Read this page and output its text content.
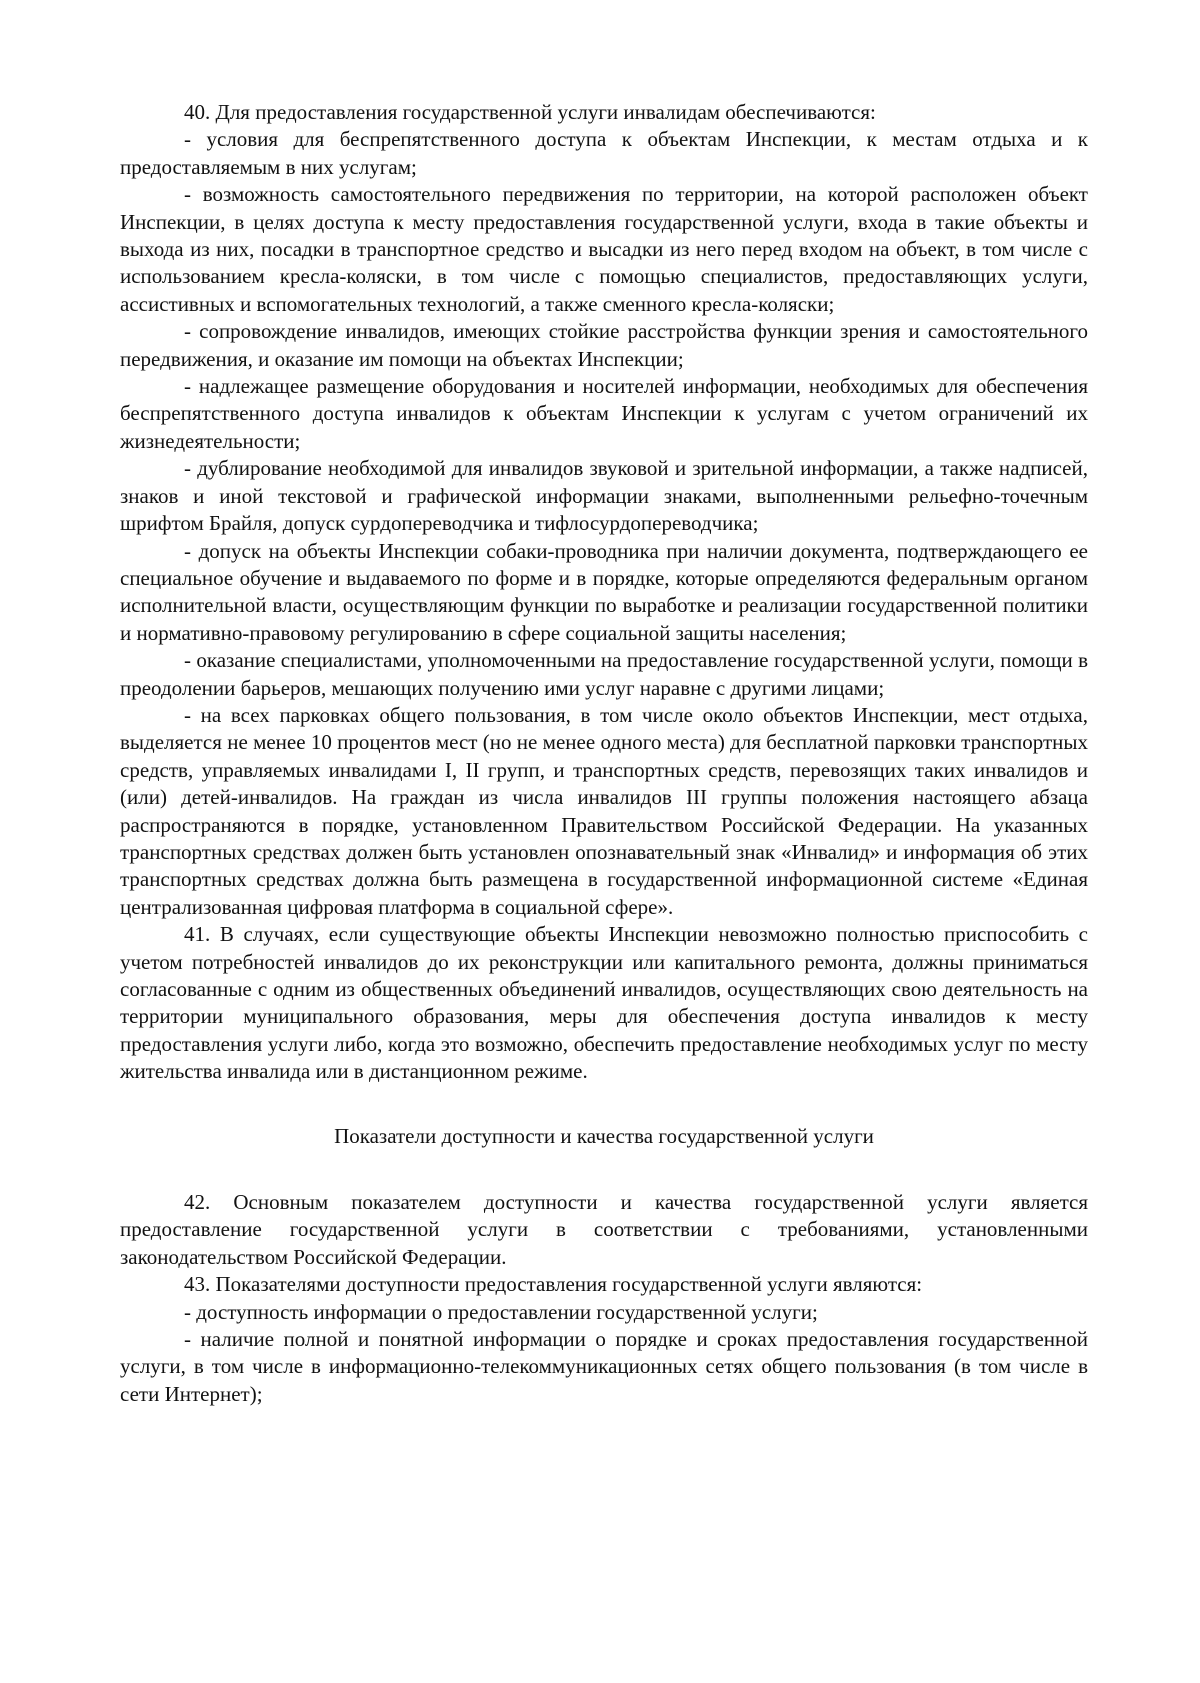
40. Для предоставления государственной услуги инвалидам обеспечиваются:

- условия для беспрепятственного доступа к объектам Инспекции, к местам отдыха и к предоставляемым в них услугам;

- возможность самостоятельного передвижения по территории, на которой расположен объект Инспекции, в целях доступа к месту предоставления государственной услуги, входа в такие объекты и выхода из них, посадки в транспортное средство и высадки из него перед входом на объект, в том числе с использованием кресла-коляски, в том числе с помощью специалистов, предоставляющих услуги, ассистивных и вспомогательных технологий, а также сменного кресла-коляски;

- сопровождение инвалидов, имеющих стойкие расстройства функции зрения и самостоятельного передвижения, и оказание им помощи на объектах Инспекции;

- надлежащее размещение оборудования и носителей информации, необходимых для обеспечения беспрепятственного доступа инвалидов к объектам Инспекции к услугам с учетом ограничений их жизнедеятельности;

- дублирование необходимой для инвалидов звуковой и зрительной информации, а также надписей, знаков и иной текстовой и графической информации знаками, выполненными рельефно-точечным шрифтом Брайля, допуск сурдопереводчика и тифлосурдопереводчика;

- допуск на объекты Инспекции собаки-проводника при наличии документа, подтверждающего ее специальное обучение и выдаваемого по форме и в порядке, которые определяются федеральным органом исполнительной власти, осуществляющим функции по выработке и реализации государственной политики и нормативно-правовому регулированию в сфере социальной защиты населения;

- оказание специалистами, уполномоченными на предоставление государственной услуги, помощи в преодолении барьеров, мешающих получению ими услуг наравне с другими лицами;

- на всех парковках общего пользования, в том числе около объектов Инспекции, мест отдыха, выделяется не менее 10 процентов мест (но не менее одного места) для бесплатной парковки транспортных средств, управляемых инвалидами I, II групп, и транспортных средств, перевозящих таких инвалидов и (или) детей-инвалидов. На граждан из числа инвалидов III группы положения настоящего абзаца распространяются в порядке, установленном Правительством Российской Федерации. На указанных транспортных средствах должен быть установлен опознавательный знак «Инвалид» и информация об этих транспортных средствах должна быть размещена в государственной информационной системе «Единая централизованная цифровая платформа в социальной сфере».

41. В случаях, если существующие объекты Инспекции невозможно полностью приспособить с учетом потребностей инвалидов до их реконструкции или капитального ремонта, должны приниматься согласованные с одним из общественных объединений инвалидов, осуществляющих свою деятельность на территории муниципального образования, меры для обеспечения доступа инвалидов к месту предоставления услуги либо, когда это возможно, обеспечить предоставление необходимых услуг по месту жительства инвалида или в дистанционном режиме.

Показатели доступности и качества государственной услуги

42. Основным показателем доступности и качества государственной услуги является предоставление государственной услуги в соответствии с требованиями, установленными законодательством Российской Федерации.

43. Показателями доступности предоставления государственной услуги являются:

- доступность информации о предоставлении государственной услуги;

- наличие полной и понятной информации о порядке и сроках предоставления государственной услуги, в том числе в информационно-телекоммуникационных сетях общего пользования (в том числе в сети Интернет);
